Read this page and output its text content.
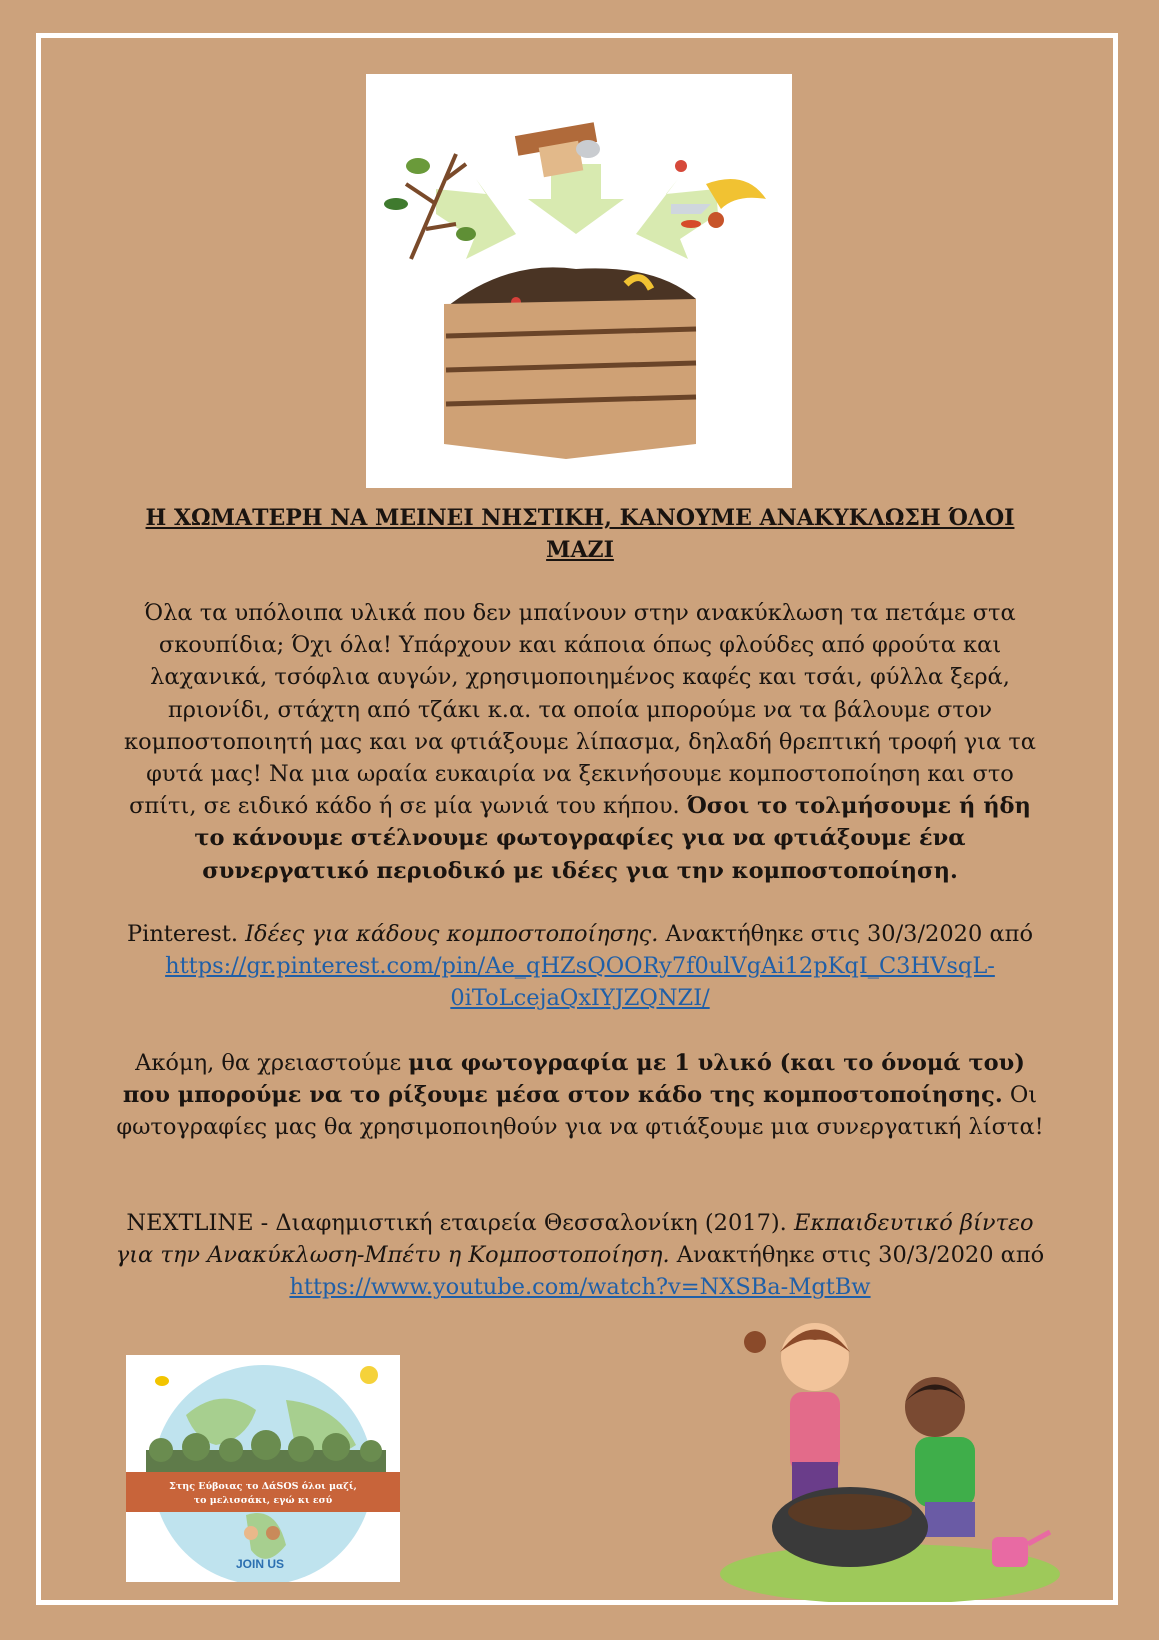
Η ΧΩΜΑΤΕΡΗ ΝΑ ΜΕΙΝΕΙ ΝΗΣΤΙΚΗ, ΚΑΝΟΥΜΕ ΑΝΑΚΥΚΛΩΣΗ ΌΛΟΙ ΜΑΖΙ

Όλα τα υπόλοιπα υλικά που δεν μπαίνουν στην ανακύκλωση τα πετάμε στα σκουπίδια; Όχι όλα! Υπάρχουν και κάποια όπως φλούδες από φρούτα και λαχανικά, τσόφλια αυγών, χρησιμοποιημένος καφές και τσάι, φύλλα ξερά, πριονίδι, στάχτη από τζάκι κ.α. τα οποία μπορούμε να τα βάλουμε στον κομποστοποιητή μας και να φτιάξουμε λίπασμα, δηλαδή θρεπτική τροφή για τα φυτά μας! Να μια ωραία ευκαιρία να ξεκινήσουμε κομποστοποίηση και στο σπίτι, σε ειδικό κάδο ή σε μία γωνιά του κήπου. Όσοι το τολμήσουμε ή ήδη το κάνουμε στέλνουμε φωτογραφίες για να φτιάξουμε ένα συνεργατικό περιοδικό με ιδέες για την κομποστοποίηση.

Pinterest. Ιδέες για κάδους κομποστοποίησης. Ανακτήθηκε στις 30/3/2020 από https://gr.pinterest.com/pin/Ae_qHZsQOORy7f0ulVgAi12pKqI_C3HVsqL-0iToLcejaQxIYJZQNZI/

Ακόμη, θα χρειαστούμε μια φωτογραφία με 1 υλικό (και το όνομά του) που μπορούμε να το ρίξουμε μέσα στον κάδο της κομποστοποίησης. Οι φωτογραφίες μας θα χρησιμοποιηθούν για να φτιάξουμε μια συνεργατική λίστα!

NEXTLINE - Διαφημιστική εταιρεία Θεσσαλονίκη (2017). Εκπαιδευτικό βίντεο για την Ανακύκλωση-Μπέτυ η Κομποστοποίηση. Ανακτήθηκε στις 30/3/2020 από https://www.youtube.com/watch?v=NXSBa-MgtBw

Στης Εύβοιας το ΔάSOS όλοι μαζί,
το μελισσάκι, εγώ κι εσύ
JOIN US
